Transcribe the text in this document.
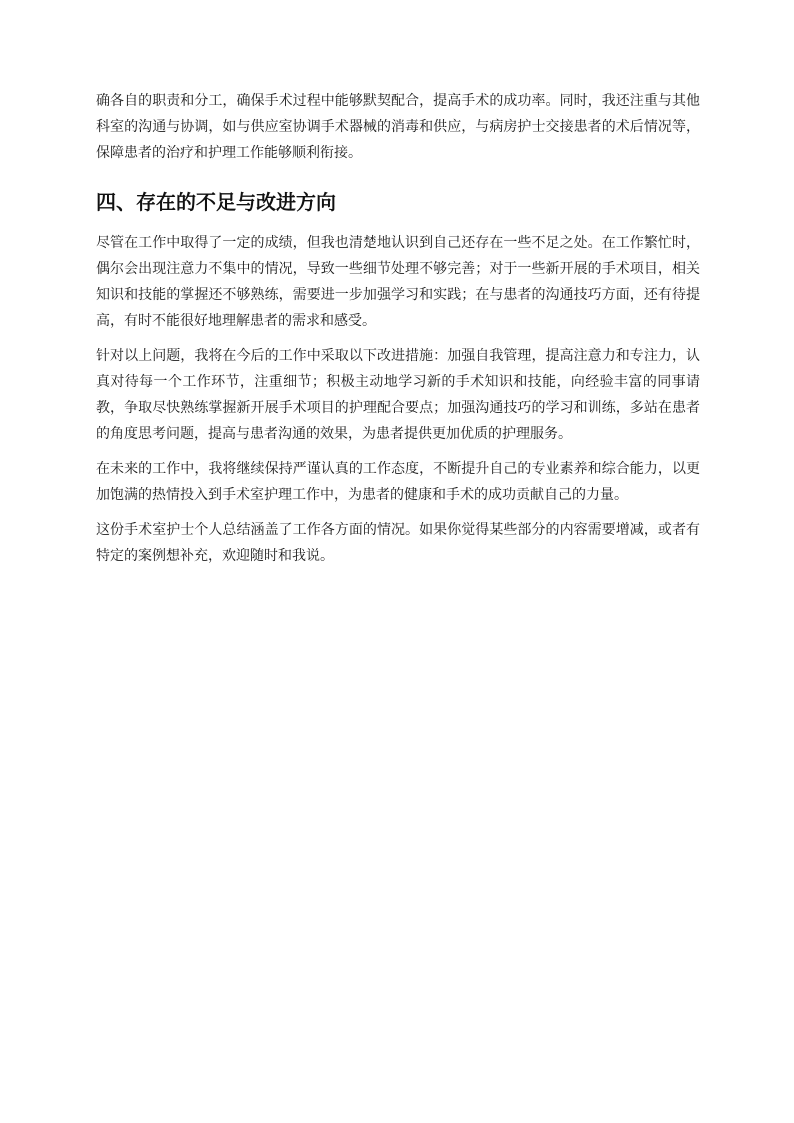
确各自的职责和分工，确保手术过程中能够默契配合，提高手术的成功率。同时，我还注重与其他科室的沟通与协调，如与供应室协调手术器械的消毒和供应，与病房护士交接患者的术后情况等，保障患者的治疗和护理工作能够顺利衔接。

四、存在的不足与改进方向

尽管在工作中取得了一定的成绩，但我也清楚地认识到自己还存在一些不足之处。在工作繁忙时，偶尔会出现注意力不集中的情况，导致一些细节处理不够完善；对于一些新开展的手术项目，相关知识和技能的掌握还不够熟练，需要进一步加强学习和实践；在与患者的沟通技巧方面，还有待提高，有时不能很好地理解患者的需求和感受。

针对以上问题，我将在今后的工作中采取以下改进措施：加强自我管理，提高注意力和专注力，认真对待每一个工作环节，注重细节；积极主动地学习新的手术知识和技能，向经验丰富的同事请教，争取尽快熟练掌握新开展手术项目的护理配合要点；加强沟通技巧的学习和训练，多站在患者的角度思考问题，提高与患者沟通的效果，为患者提供更加优质的护理服务。

在未来的工作中，我将继续保持严谨认真的工作态度，不断提升自己的专业素养和综合能力，以更加饱满的热情投入到手术室护理工作中，为患者的健康和手术的成功贡献自己的力量。

这份手术室护士个人总结涵盖了工作各方面的情况。如果你觉得某些部分的内容需要增减，或者有特定的案例想补充，欢迎随时和我说。
